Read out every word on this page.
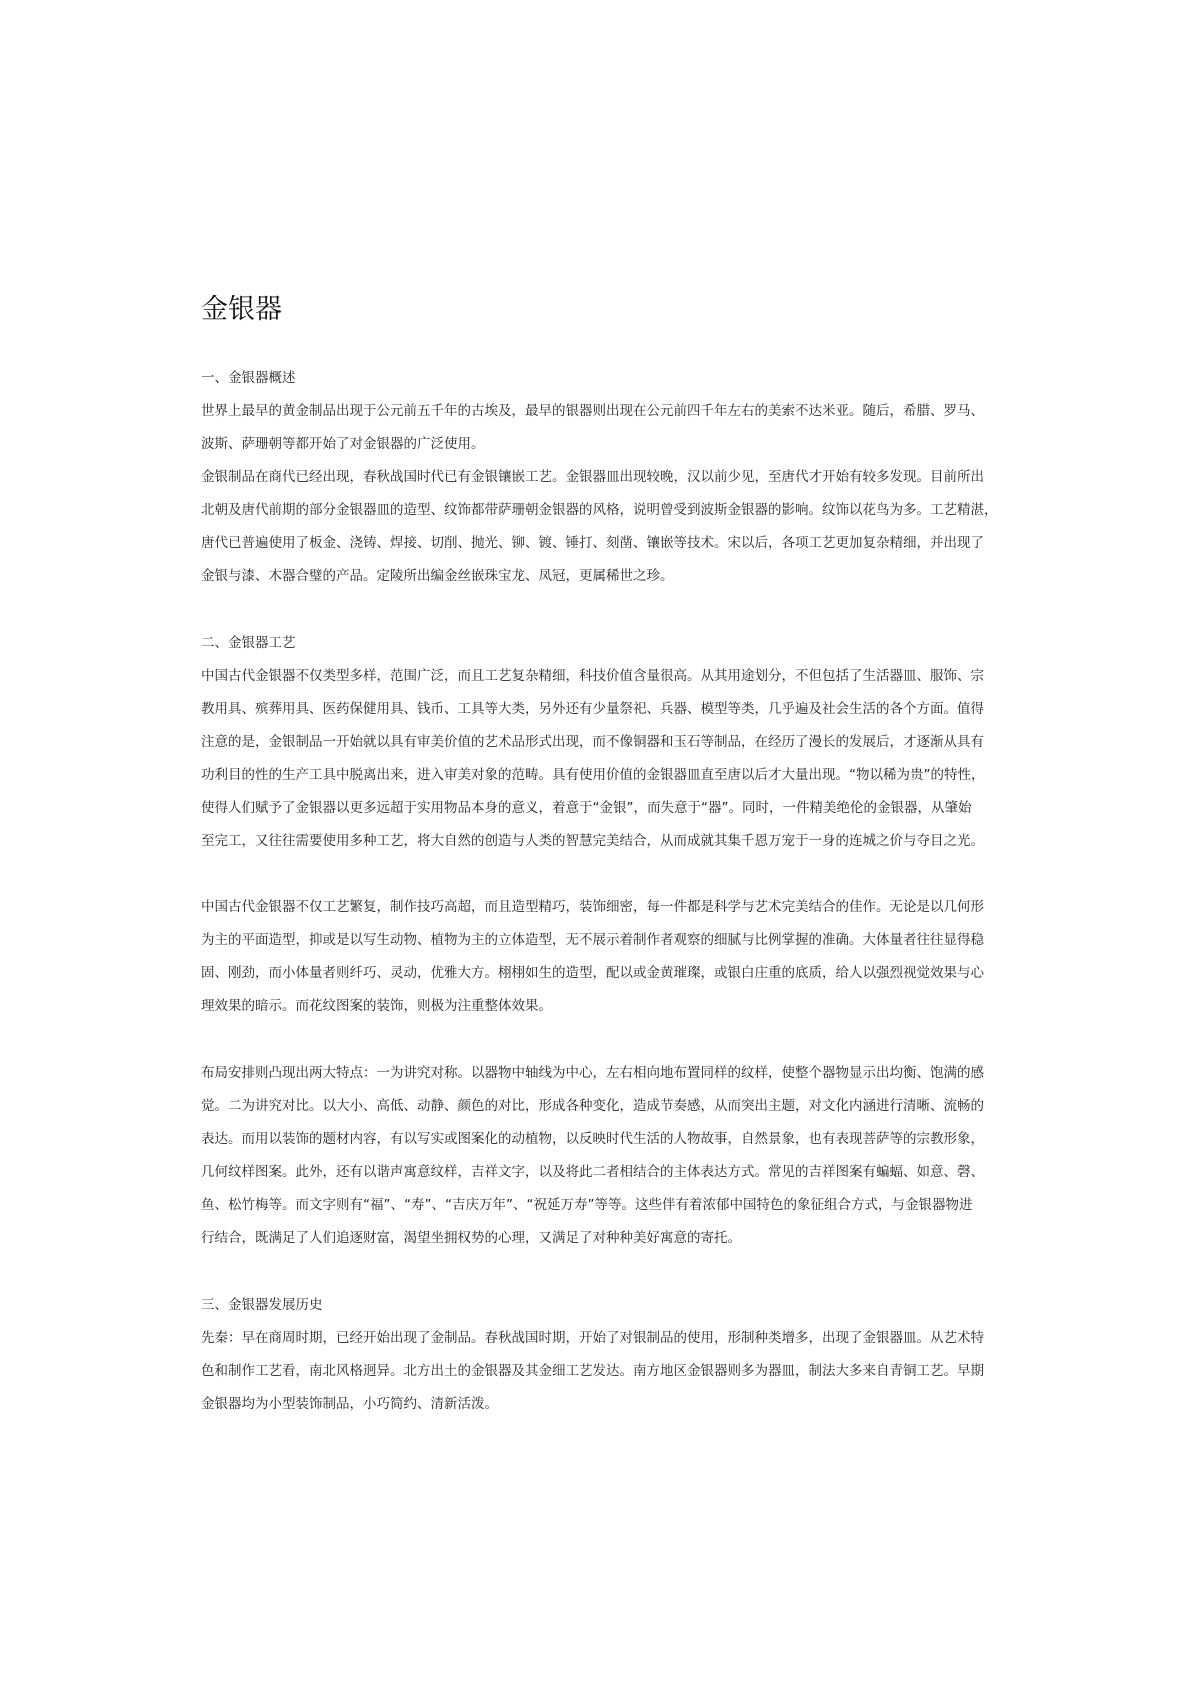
金银器
一、金银器概述
世界上最早的黄金制品出现于公元前五千年的古埃及，最早的银器则出现在公元前四千年左右的美索不达米亚。随后，希腊、罗马、
波斯、萨珊朝等都开始了对金银器的广泛使用。
金银制品在商代已经出现，春秋战国时代已有金银镶嵌工艺。金银器皿出现较晚，汉以前少见，至唐代才开始有较多发现。目前所出
北朝及唐代前期的部分金银器皿的造型、纹饰都带萨珊朝金银器的风格，说明曾受到波斯金银器的影响。纹饰以花鸟为多。工艺精湛，
唐代已普遍使用了板金、浇铸、焊接、切削、抛光、铆、镀、锤打、刻凿、镶嵌等技术。宋以后，各项工艺更加复杂精细，并出现了
金银与漆、木器合璧的产品。定陵所出编金丝嵌珠宝龙、凤冠，更属稀世之珍。
二、金银器工艺
中国古代金银器不仅类型多样，范围广泛，而且工艺复杂精细，科技价值含量很高。从其用途划分，不但包括了生活器皿、服饰、宗
教用具、殡葬用具、医药保健用具、钱币、工具等大类，另外还有少量祭祀、兵器、模型等类，几乎遍及社会生活的各个方面。值得
注意的是，金银制品一开始就以具有审美价值的艺术品形式出现，而不像铜器和玉石等制品，在经历了漫长的发展后，才逐渐从具有
功利目的性的生产工具中脱离出来，进入审美对象的范畴。具有使用价值的金银器皿直至唐以后才大量出现。“物以稀为贵”的特性，
使得人们赋予了金银器以更多远超于实用物品本身的意义，着意于“金银”，而失意于“器”。同时，一件精美绝伦的金银器，从肇始
至完工，又往往需要使用多种工艺，将大自然的创造与人类的智慧完美结合，从而成就其集千恩万宠于一身的连城之价与夺目之光。
中国古代金银器不仅工艺繁复，制作技巧高超，而且造型精巧，装饰细密，每一件都是科学与艺术完美结合的佳作。无论是以几何形
为主的平面造型，抑或是以写生动物、植物为主的立体造型，无不展示着制作者观察的细腻与比例掌握的准确。大体量者往往显得稳
固、刚劲，而小体量者则纤巧、灵动，优雅大方。栩栩如生的造型，配以或金黄璀璨，或银白庄重的底质，给人以强烈视觉效果与心
理效果的暗示。而花纹图案的装饰，则极为注重整体效果。
布局安排则凸现出两大特点：一为讲究对称。以器物中轴线为中心，左右相向地布置同样的纹样，使整个器物显示出均衡、饱满的感
觉。二为讲究对比。以大小、高低、动静、颜色的对比，形成各种变化，造成节奏感，从而突出主题，对文化内涵进行清晰、流畅的
表达。而用以装饰的题材内容，有以写实或图案化的动植物，以反映时代生活的人物故事，自然景象，也有表现菩萨等的宗教形象，
几何纹样图案。此外，还有以谐声寓意纹样，吉祥文字，以及将此二者相结合的主体表达方式。常见的吉祥图案有蝙蝠、如意、磬、
鱼、松竹梅等。而文字则有“福”、“寿”、“吉庆万年”、“祝延万寿”等等。这些伴有着浓郁中国特色的象征组合方式，与金银器物进
行结合，既满足了人们追逐财富，渴望坐拥权势的心理，又满足了对种种美好寓意的寄托。
三、金银器发展历史
先秦：早在商周时期，已经开始出现了金制品。春秋战国时期，开始了对银制品的使用，形制种类增多，出现了金银器皿。从艺术特
色和制作工艺看，南北风格迥异。北方出土的金银器及其金细工艺发达。南方地区金银器则多为器皿，制法大多来自青铜工艺。早期
金银器均为小型装饰制品，小巧简约、清新活泼。
